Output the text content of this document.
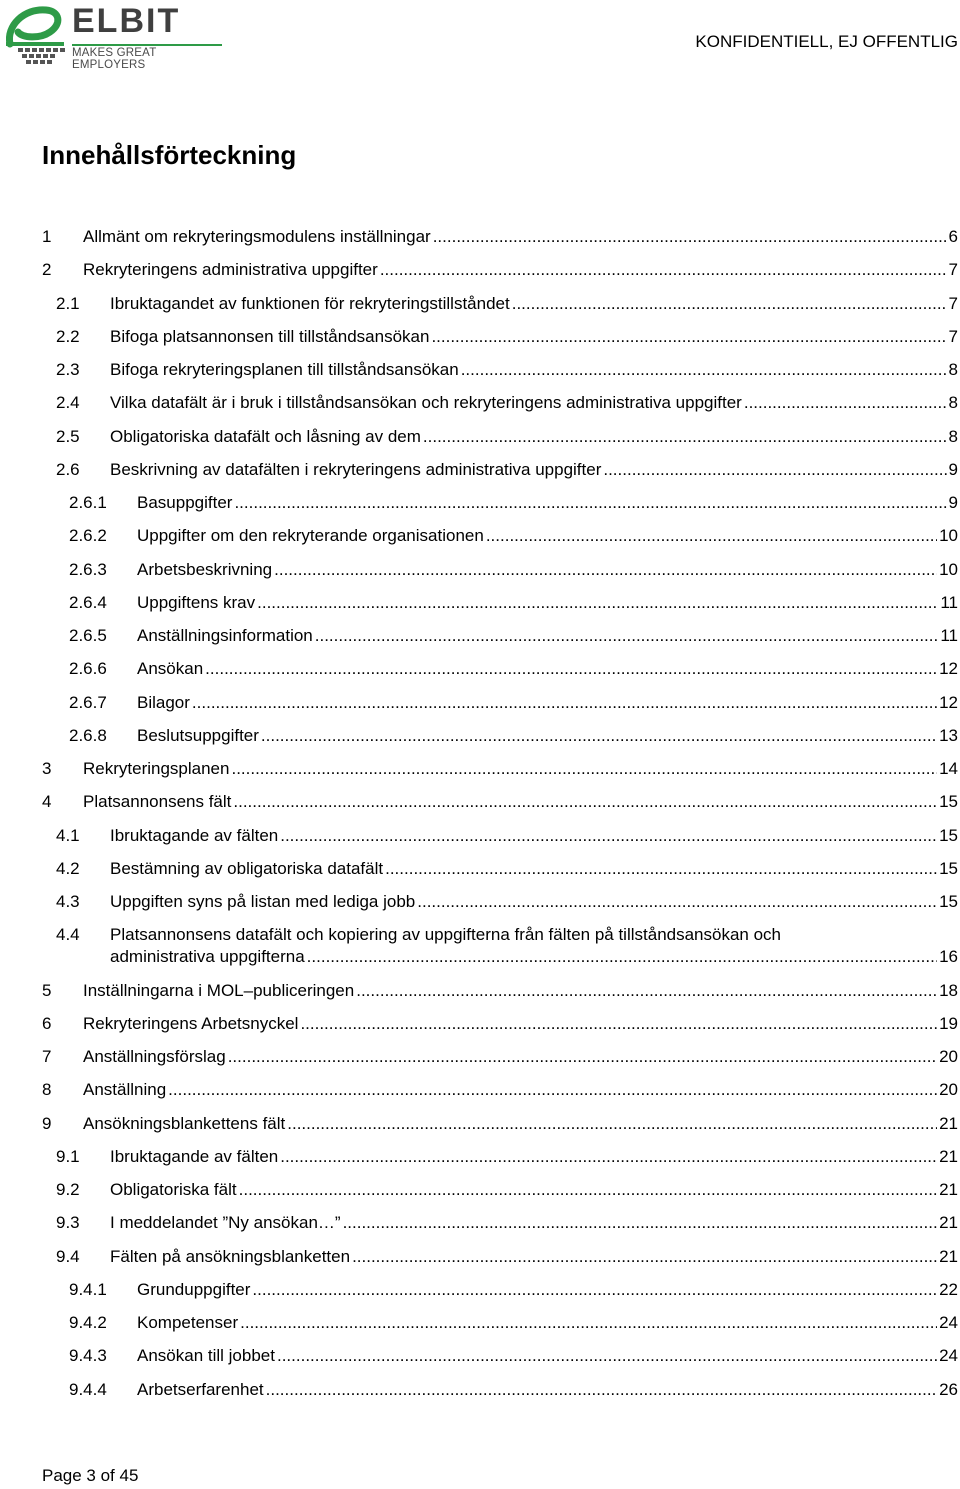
ELBIT
MAKES GREAT EMPLOYERS
KONFIDENTIELL, EJ OFFENTLIG
Innehållsförteckning
1 Allmänt om rekryteringsmodulens inställningar .....	6
2 Rekryteringens administrativa uppgifter .....	7
2.1 Ibruktagandet av funktionen för rekryteringstillståndet .....	7
2.2 Bifoga platsannonsen till tillståndsansökan .....	7
2.3 Bifoga rekryteringsplanen till tillståndsansökan .....	8
2.4 Vilka datafält är i bruk i tillståndsansökan och rekryteringens administrativa uppgifter .....	8
2.5 Obligatoriska datafält och låsning av dem .....	8
2.6 Beskrivning av datafälten i rekryteringens administrativa uppgifter .....	9
2.6.1 Basuppgifter .....	9
2.6.2 Uppgifter om den rekryterande organisationen .....	10
2.6.3 Arbetsbeskrivning .....	10
2.6.4 Uppgiftens krav .....	11
2.6.5 Anställningsinformation .....	11
2.6.6 Ansökan .....	12
2.6.7 Bilagor .....	12
2.6.8 Beslutsuppgifter .....	13
3 Rekryteringsplanen .....	14
4 Platsannonsens fält .....	15
4.1 Ibruktagande av fälten .....	15
4.2 Bestämning av obligatoriska datafält .....	15
4.3 Uppgiften syns på listan med lediga jobb .....	15
4.4 Platsannonsens datafält och kopiering av uppgifterna från fälten på tillståndsansökan och
administrativa uppgifterna .....	16
5 Inställningarna i MOL–publiceringen .....	18
6 Rekryteringens Arbetsnyckel .....	19
7 Anställningsförslag .....	20
8 Anställning .....	20
9 Ansökningsblankettens fält .....	21
9.1 Ibruktagande av fälten .....	21
9.2 Obligatoriska fält .....	21
9.3 I meddelandet ”Ny ansökan…” .....	21
9.4 Fälten på ansökningsblanketten .....	21
9.4.1 Grunduppgifter .....	22
9.4.2 Kompetenser .....	24
9.4.3 Ansökan till jobbet .....	24
9.4.4 Arbetserfarenhet .....	26
Page 3 of 45
